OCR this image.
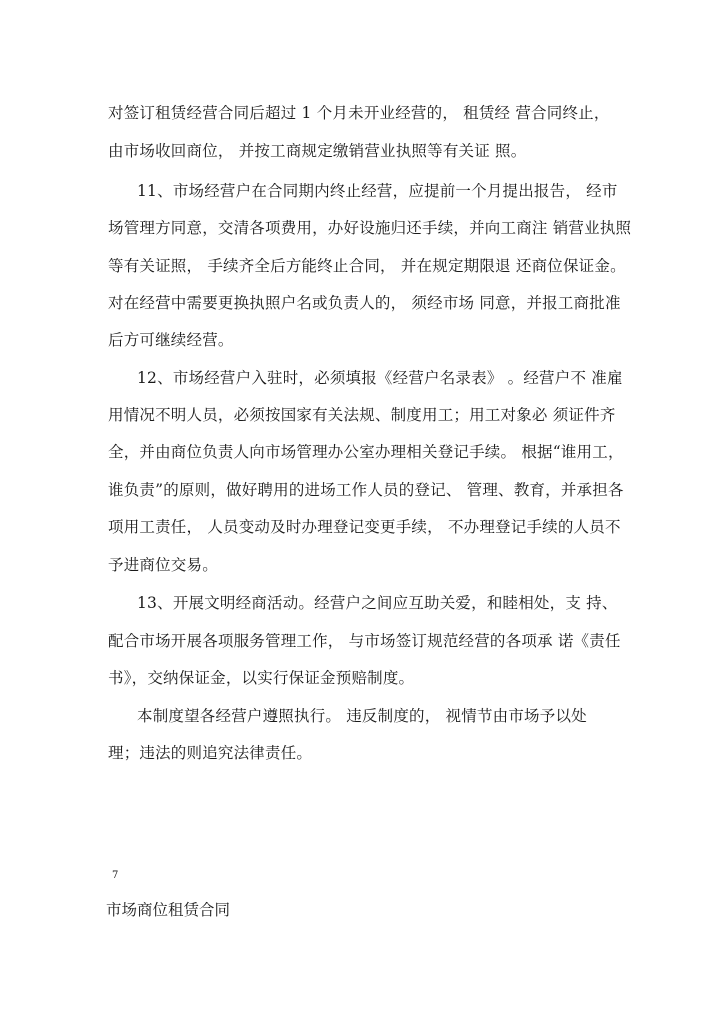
对签订租赁经营合同后超过 1 个月未开业经营的， 租赁经 营合同终止，
由市场收回商位， 并按工商规定缴销营业执照等有关证 照。
11、市场经营户在合同期内终止经营，应提前一个月提出报告， 经市
场管理方同意，交清各项费用，办好设施归还手续，并向工商注 销营业执照
等有关证照， 手续齐全后方能终止合同， 并在规定期限退 还商位保证金。
对在经营中需要更换执照户名或负责人的， 须经市场 同意，并报工商批准
后方可继续经营。
12、市场经营户入驻时，必须填报《经营户名录表》 。经营户不 准雇
用情况不明人员，必须按国家有关法规、制度用工；用工对象必 须证件齐
全，并由商位负责人向市场管理办公室办理相关登记手续。 根据“谁用工，
谁负责”的原则，做好聘用的进场工作人员的登记、 管理、教育，并承担各
项用工责任， 人员变动及时办理登记变更手续， 不办理登记手续的人员不
予进商位交易。
13、开展文明经商活动。经营户之间应互助关爱，和睦相处，支 持、
配合市场开展各项服务管理工作， 与市场签订规范经营的各项承 诺《责任
书》，交纳保证金，以实行保证金预赔制度。
本制度望各经营户遵照执行。 违反制度的， 视情节由市场予以处
理；违法的则追究法律责任。
7
市场商位租赁合同
